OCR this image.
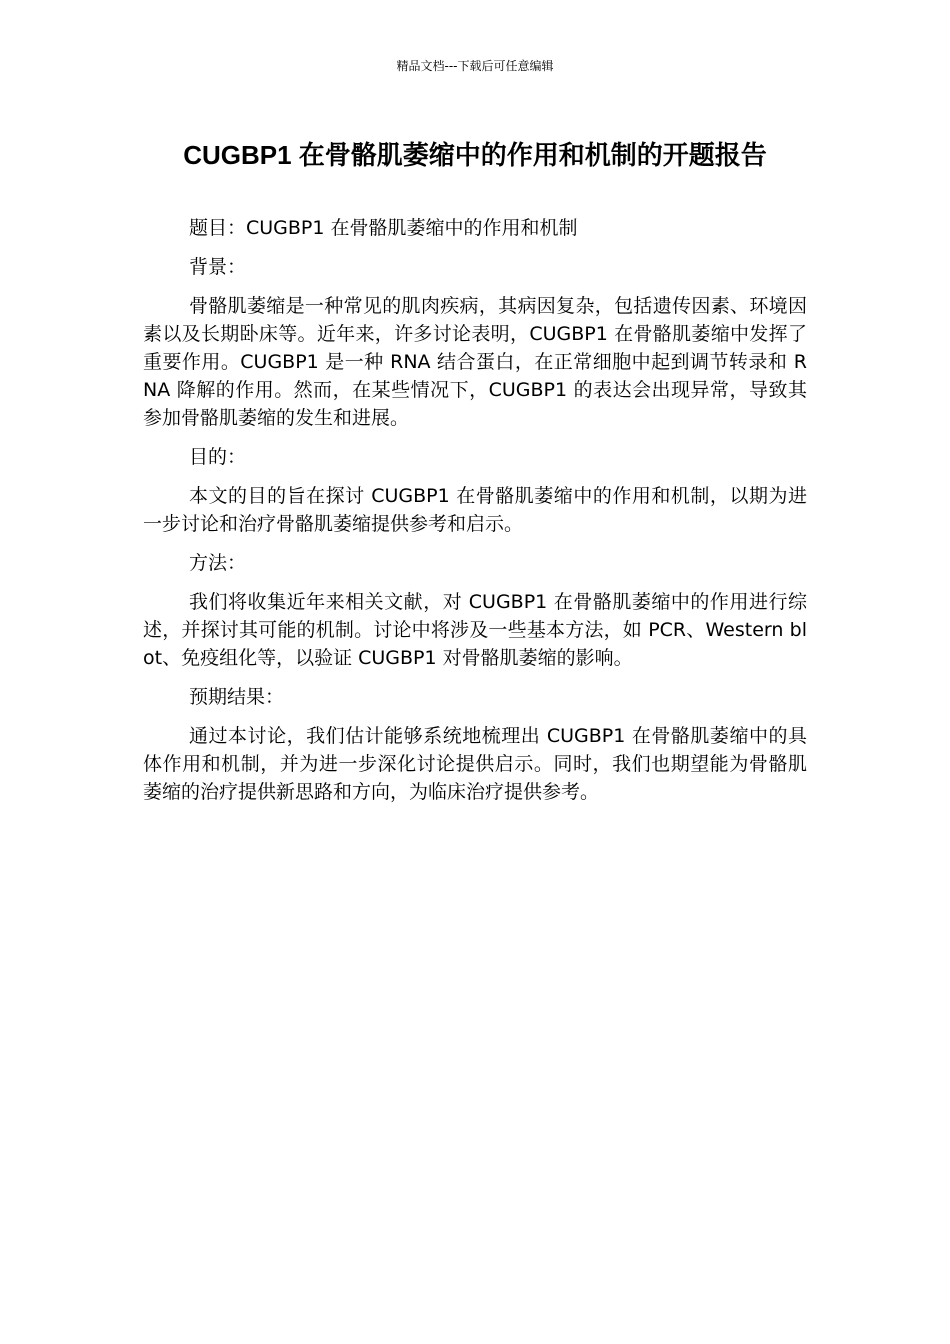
精品文档---下载后可任意编辑
CUGBP1 在骨骼肌萎缩中的作用和机制的开题报告

题目：CUGBP1 在骨骼肌萎缩中的作用和机制

背景：

骨骼肌萎缩是一种常见的肌肉疾病，其病因复杂，包括遗传因素、环境因素以及长期卧床等。近年来，许多讨论表明，CUGBP1 在骨骼肌萎缩中发挥了重要作用。CUGBP1 是一种 RNA 结合蛋白，在正常细胞中起到调节转录和 RNA 降解的作用。然而，在某些情况下，CUGBP1 的表达会出现异常，导致其参加骨骼肌萎缩的发生和进展。

目的：

本文的目的旨在探讨 CUGBP1 在骨骼肌萎缩中的作用和机制，以期为进一步讨论和治疗骨骼肌萎缩提供参考和启示。

方法：

我们将收集近年来相关文献，对 CUGBP1 在骨骼肌萎缩中的作用进行综述，并探讨其可能的机制。讨论中将涉及一些基本方法，如 PCR、Western blot、免疫组化等，以验证 CUGBP1 对骨骼肌萎缩的影响。

预期结果：

通过本讨论，我们估计能够系统地梳理出 CUGBP1 在骨骼肌萎缩中的具体作用和机制，并为进一步深化讨论提供启示。同时，我们也期望能为骨骼肌萎缩的治疗提供新思路和方向，为临床治疗提供参考。
